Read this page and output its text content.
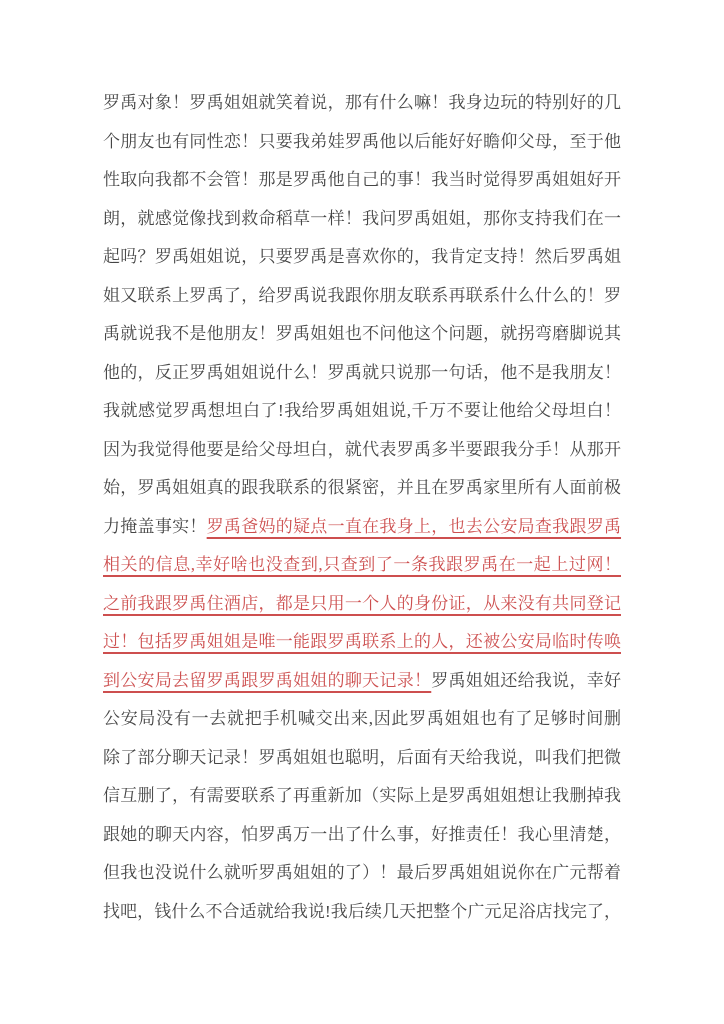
罗禹对象！罗禹姐姐就笑着说，那有什么嘛！我身边玩的特别好的几
个朋友也有同性恋！只要我弟娃罗禹他以后能好好瞻仰父母，至于他
性取向我都不会管！那是罗禹他自己的事！我当时觉得罗禹姐姐好开
朗，就感觉像找到救命稻草一样！我问罗禹姐姐，那你支持我们在一
起吗？罗禹姐姐说，只要罗禹是喜欢你的，我肯定支持！然后罗禹姐
姐又联系上罗禹了，给罗禹说我跟你朋友联系再联系什么什么的！罗
禹就说我不是他朋友！罗禹姐姐也不问他这个问题，就拐弯磨脚说其
他的，反正罗禹姐姐说什么！罗禹就只说那一句话，他不是我朋友！
我就感觉罗禹想坦白了!我给罗禹姐姐说,千万不要让他给父母坦白！
因为我觉得他要是给父母坦白，就代表罗禹多半要跟我分手！从那开
始，罗禹姐姐真的跟我联系的很紧密，并且在罗禹家里所有人面前极
力掩盖事实！罗禹爸妈的疑点一直在我身上，也去公安局查我跟罗禹
相关的信息,幸好啥也没查到,只查到了一条我跟罗禹在一起上过网！
之前我跟罗禹住酒店，都是只用一个人的身份证，从来没有共同登记
过！包括罗禹姐姐是唯一能跟罗禹联系上的人，还被公安局临时传唤
到公安局去留罗禹跟罗禹姐姐的聊天记录！罗禹姐姐还给我说，幸好
公安局没有一去就把手机喊交出来,因此罗禹姐姐也有了足够时间删
除了部分聊天记录！罗禹姐姐也聪明，后面有天给我说，叫我们把微
信互删了，有需要联系了再重新加（实际上是罗禹姐姐想让我删掉我
跟她的聊天内容，怕罗禹万一出了什么事，好推责任！我心里清楚，
但我也没说什么就听罗禹姐姐的了）！最后罗禹姐姐说你在广元帮着
找吧，钱什么不合适就给我说!我后续几天把整个广元足浴店找完了，
